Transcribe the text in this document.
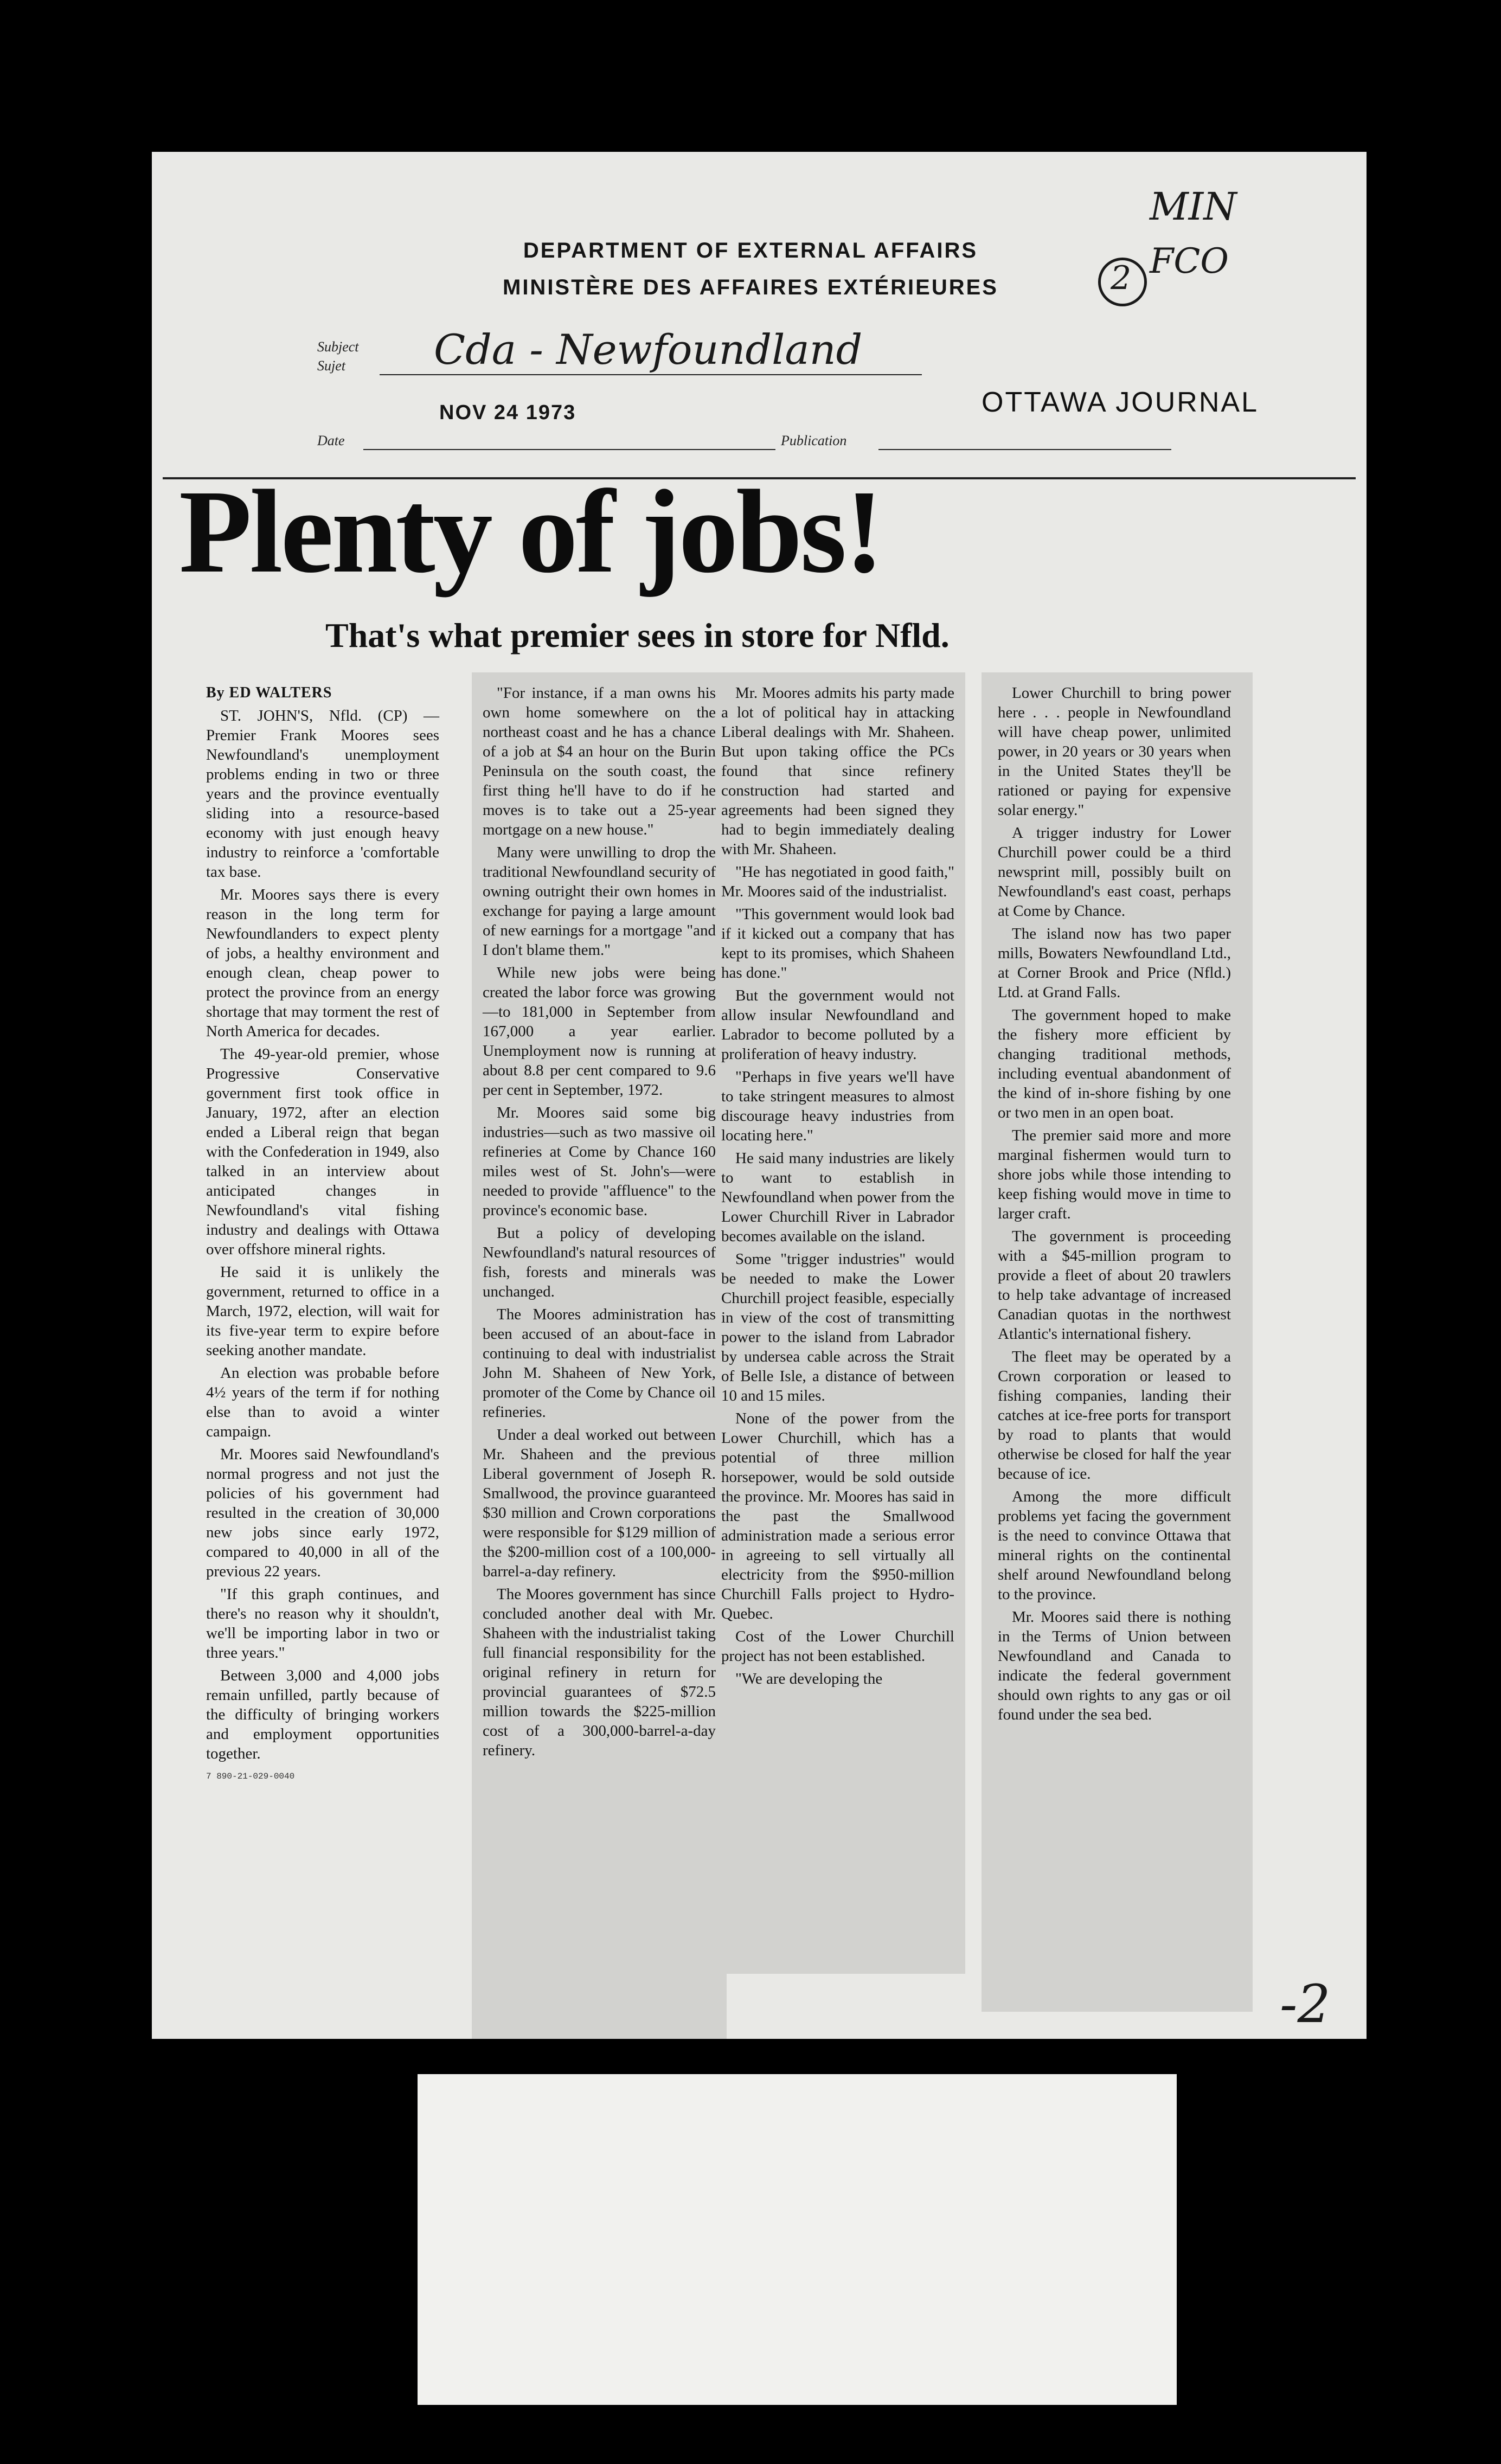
DEPARTMENT OF EXTERNAL AFFAIRS
MINISTÈRE DES AFFAIRES EXTÉRIEURES
MIN
2 FCO
Subject
Sujet Cda - Newfoundland
NOV 24 1973
Date	Publication
OTTAWA JOURNAL
Plenty of jobs!
That's what premier sees in store for Nfld.

By ED WALTERS

ST. JOHN'S, Nfld. (CP) — Premier Frank Moores sees Newfoundland's unemployment problems ending in two or three years and the province eventually sliding into a resource-based economy with just enough heavy industry to reinforce a 'comfortable tax base.

Mr. Moores says there is every reason in the long term for Newfoundlanders to expect plenty of jobs, a healthy environment and enough clean, cheap power to protect the province from an energy shortage that may torment the rest of North America for decades.

The 49-year-old premier, whose Progressive Conservative government first took office in January, 1972, after an election ended a Liberal reign that began with the Confederation in 1949, also talked in an interview about anticipated changes in Newfoundland's vital fishing industry and dealings with Ottawa over offshore mineral rights.

He said it is unlikely the government, returned to office in a March, 1972, election, will wait for its five-year term to expire before seeking another mandate.

An election was probable before 4½ years of the term if for nothing else than to avoid a winter campaign.

Mr. Moores said Newfoundland's normal progress and not just the policies of his government had resulted in the creation of 30,000 new jobs since early 1972, compared to 40,000 in all of the previous 22 years.

"If this graph continues, and there's no reason why it shouldn't, we'll be importing labor in two or three years."

Between 3,000 and 4,000 jobs remain unfilled, partly because of the difficulty of bringing workers and employment opportunities together.

7 890-21-029-0040

"For instance, if a man owns his own home somewhere on the northeast coast and he has a chance of a job at $4 an hour on the Burin Peninsula on the south coast, the first thing he'll have to do if he moves is to take out a 25-year mortgage on a new house."

Many were unwilling to drop the traditional Newfoundland security of owning outright their own homes in exchange for paying a large amount of new earnings for a mortgage "and I don't blame them."

While new jobs were being created the labor force was growing—to 181,000 in September from 167,000 a year earlier. Unemployment now is running at about 8.8 per cent compared to 9.6 per cent in September, 1972.

Mr. Moores said some big industries—such as two massive oil refineries at Come by Chance 160 miles west of St. John's—were needed to provide "affluence" to the province's economic base.

But a policy of developing Newfoundland's natural resources of fish, forests and minerals was unchanged.

The Moores administration has been accused of an about-face in continuing to deal with industrialist John M. Shaheen of New York, promoter of the Come by Chance oil refineries.

Under a deal worked out between Mr. Shaheen and the previous Liberal government of Joseph R. Smallwood, the province guaranteed $30 million and Crown corporations were responsible for $129 million of the $200-million cost of a 100,000-barrel-a-day refinery.

The Moores government has since concluded another deal with Mr. Shaheen with the industrialist taking full financial responsibility for the original refinery in return for provincial guarantees of $72.5 million towards the $225-million cost of a 300,000-barrel-a-day refinery.

Mr. Moores admits his party made a lot of political hay in attacking Liberal dealings with Mr. Shaheen. But upon taking office the PCs found that since refinery construction had started and agreements had been signed they had to begin immediately dealing with Mr. Shaheen.

"He has negotiated in good faith," Mr. Moores said of the industrialist.

"This government would look bad if it kicked out a company that has kept to its promises, which Shaheen has done."

But the government would not allow insular Newfoundland and Labrador to become polluted by a proliferation of heavy industry.

"Perhaps in five years we'll have to take stringent measures to almost discourage heavy industries from locating here."

He said many industries are likely to want to establish in Newfoundland when power from the Lower Churchill River in Labrador becomes available on the island.

Some "trigger industries" would be needed to make the Lower Churchill project feasible, especially in view of the cost of transmitting power to the island from Labrador by undersea cable across the Strait of Belle Isle, a distance of between 10 and 15 miles.

None of the power from the Lower Churchill, which has a potential of three million horsepower, would be sold outside the province. Mr. Moores has said in the past the Smallwood administration made a serious error in agreeing to sell virtually all electricity from the $950-million Churchill Falls project to Hydro-Quebec.

Cost of the Lower Churchill project has not been established.

"We are developing the

Lower Churchill to bring power here . . . people in Newfoundland will have cheap power, unlimited power, in 20 years or 30 years when in the United States they'll be rationed or paying for expensive solar energy."

A trigger industry for Lower Churchill power could be a third newsprint mill, possibly built on Newfoundland's east coast, perhaps at Come by Chance.

The island now has two paper mills, Bowaters Newfoundland Ltd., at Corner Brook and Price (Nfld.) Ltd. at Grand Falls.

The government hoped to make the fishery more efficient by changing traditional methods, including eventual abandonment of the kind of in-shore fishing by one or two men in an open boat.

The premier said more and more marginal fishermen would turn to shore jobs while those intending to keep fishing would move in time to larger craft.

The government is proceeding with a $45-million program to provide a fleet of about 20 trawlers to help take advantage of increased Canadian quotas in the northwest Atlantic's international fishery.

The fleet may be operated by a Crown corporation or leased to fishing companies, landing their catches at ice-free ports for transport by road to plants that would otherwise be closed for half the year because of ice.

Among the more difficult problems yet facing the government is the need to convince Ottawa that mineral rights on the continental shelf around Newfoundland belong to the province.

Mr. Moores said there is nothing in the Terms of Union between Newfoundland and Canada to indicate the federal government should own rights to any gas or oil found under the sea bed.

-2
